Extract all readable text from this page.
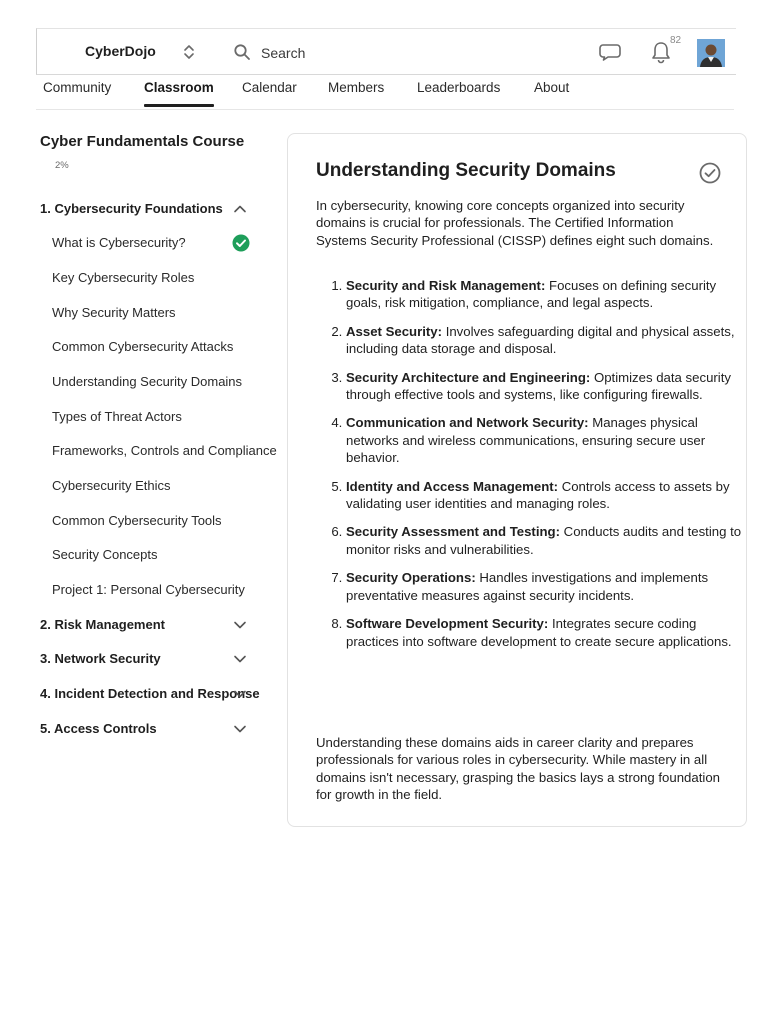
CyberDojo
Search
82
Community Classroom Calendar Members Leaderboards About
Cyber Fundamentals Course
2%
1. Cybersecurity Foundations
What is Cybersecurity?
Key Cybersecurity Roles
Why Security Matters
Common Cybersecurity Attacks
Understanding Security Domains
Types of Threat Actors
Frameworks, Controls and Compliance
Cybersecurity Ethics
Common Cybersecurity Tools
Security Concepts
Project 1: Personal Cybersecurity
2. Risk Management
3. Network Security
4. Incident Detection and Response
5. Access Controls
Understanding Security Domains
In cybersecurity, knowing core concepts organized into security domains is crucial for professionals. The Certified Information Systems Security Professional (CISSP) defines eight such domains.
1. Security and Risk Management: Focuses on defining security goals, risk mitigation, compliance, and legal aspects.
2. Asset Security: Involves safeguarding digital and physical assets, including data storage and disposal.
3. Security Architecture and Engineering: Optimizes data security through effective tools and systems, like configuring firewalls.
4. Communication and Network Security: Manages physical networks and wireless communications, ensuring secure user behavior.
5. Identity and Access Management: Controls access to assets by validating user identities and managing roles.
6. Security Assessment and Testing: Conducts audits and testing to monitor risks and vulnerabilities.
7. Security Operations: Handles investigations and implements preventative measures against security incidents.
8. Software Development Security: Integrates secure coding practices into software development to create secure applications.
Understanding these domains aids in career clarity and prepares professionals for various roles in cybersecurity. While mastery in all domains isn't necessary, grasping the basics lays a strong foundation for growth in the field.
